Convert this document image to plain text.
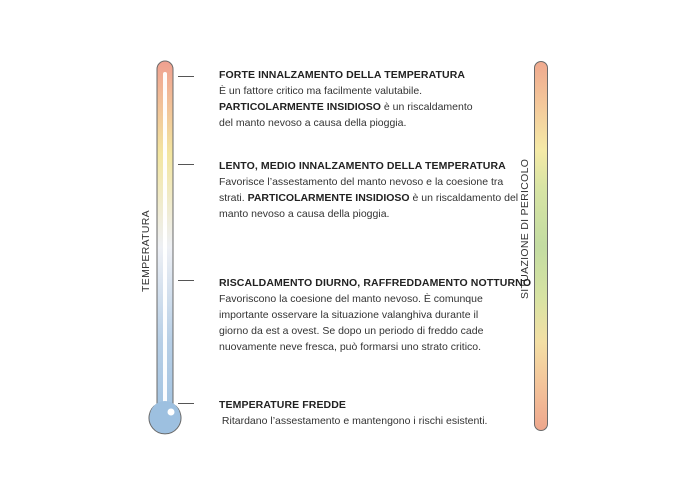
TEMPERATURA	SITUAZIONE DI PERICOLO
FORTE INNALZAMENTO DELLA TEMPERATURA

È un fattore critico ma facilmente valutabile.

PARTICOLARMENTE INSIDIOSO è un riscaldamento

del manto nevoso a causa della pioggia.

LENTO, MEDIO INNALZAMENTO DELLA TEMPERATURA

Favorisce l’assestamento del manto nevoso e la coesione tra

strati. PARTICOLARMENTE INSIDIOSO è un riscaldamento del

manto nevoso a causa della pioggia.

RISCALDAMENTO DIURNO, RAFFREDDAMENTO NOTTURNO

Favoriscono la coesione del manto nevoso. È comunque

importante osservare la situazione valanghiva durante il

giorno da est a ovest. Se dopo un periodo di freddo cade

nuovamente neve fresca, può formarsi uno strato critico.

TEMPERATURE FREDDE

Ritardano l’assestamento e mantengono i rischi esistenti.
